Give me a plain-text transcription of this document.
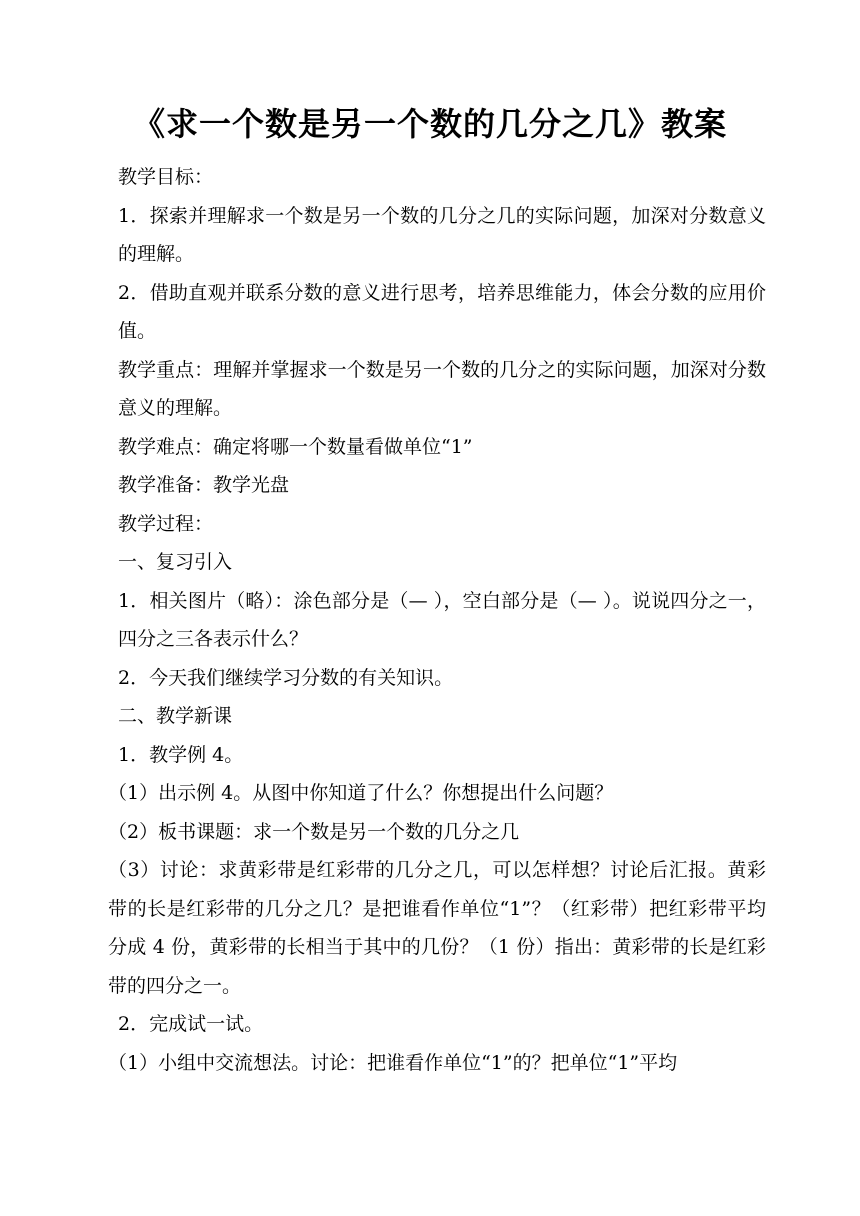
《求一个数是另一个数的几分之几》教案

教学目标：

1．探索并理解求一个数是另一个数的几分之几的实际问题，加深对分数意义的理解。

2．借助直观并联系分数的意义进行思考，培养思维能力，体会分数的应用价值。

教学重点：理解并掌握求一个数是另一个数的几分之的实际问题，加深对分数意义的理解。

教学难点：确定将哪一个数量看做单位“1”

教学准备：教学光盘

教学过程：

一、复习引入

1．相关图片（略）：涂色部分是（— ），空白部分是（— ）。说说四分之一，四分之三各表示什么？

2．今天我们继续学习分数的有关知识。

二、教学新课

1．教学例 4。

（1）出示例 4。从图中你知道了什么？你想提出什么问题？

（2）板书课题：求一个数是另一个数的几分之几

（3）讨论：求黄彩带是红彩带的几分之几，可以怎样想？讨论后汇报。黄彩带的长是红彩带的几分之几？是把谁看作单位“1”？（红彩带）把红彩带平均分成 4 份，黄彩带的长相当于其中的几份？（1 份）指出：黄彩带的长是红彩带的四分之一。

2．完成试一试。

（1）小组中交流想法。讨论：把谁看作单位“1”的？把单位“1”平均
